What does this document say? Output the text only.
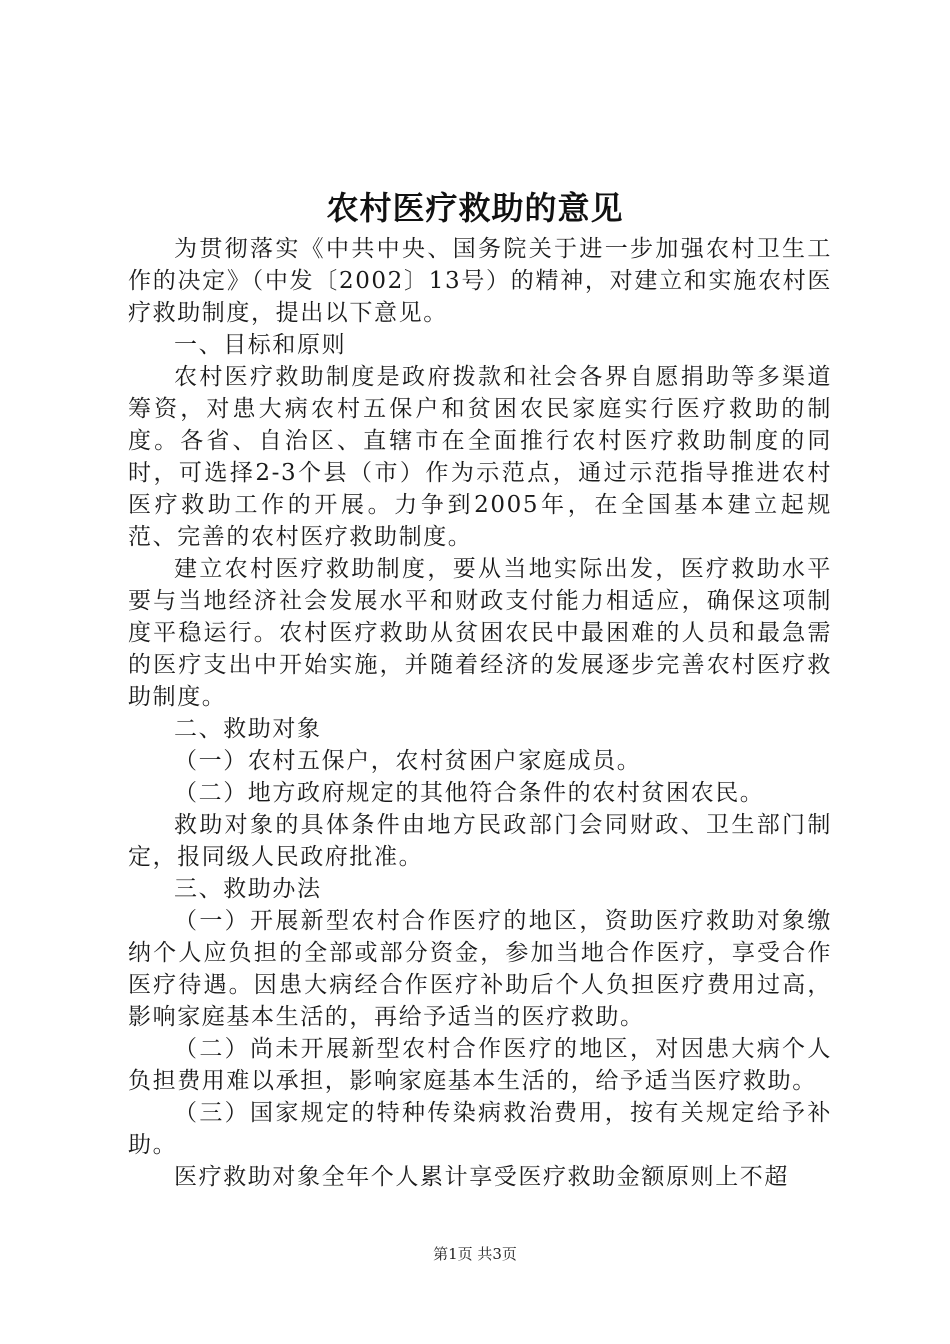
农村医疗救助的意见

为贯彻落实《中共中央、国务院关于进一步加强农村卫生工作的决定》（中发〔2002〕13号）的精神，对建立和实施农村医疗救助制度，提出以下意见。

一、目标和原则

农村医疗救助制度是政府拨款和社会各界自愿捐助等多渠道筹资，对患大病农村五保户和贫困农民家庭实行医疗救助的制度。各省、自治区、直辖市在全面推行农村医疗救助制度的同时，可选择2-3个县（市）作为示范点，通过示范指导推进农村医疗救助工作的开展。力争到2005年，在全国基本建立起规范、完善的农村医疗救助制度。

建立农村医疗救助制度，要从当地实际出发，医疗救助水平要与当地经济社会发展水平和财政支付能力相适应，确保这项制度平稳运行。农村医疗救助从贫困农民中最困难的人员和最急需的医疗支出中开始实施，并随着经济的发展逐步完善农村医疗救助制度。

二、救助对象

（一）农村五保户，农村贫困户家庭成员。

（二）地方政府规定的其他符合条件的农村贫困农民。

救助对象的具体条件由地方民政部门会同财政、卫生部门制定，报同级人民政府批准。

三、救助办法

（一）开展新型农村合作医疗的地区，资助医疗救助对象缴纳个人应负担的全部或部分资金，参加当地合作医疗，享受合作医疗待遇。因患大病经合作医疗补助后个人负担医疗费用过高，影响家庭基本生活的，再给予适当的医疗救助。

（二）尚未开展新型农村合作医疗的地区，对因患大病个人负担费用难以承担，影响家庭基本生活的，给予适当医疗救助。

（三）国家规定的特种传染病救治费用，按有关规定给予补助。

医疗救助对象全年个人累计享受医疗救助金额原则上不超

第1页 共3页
